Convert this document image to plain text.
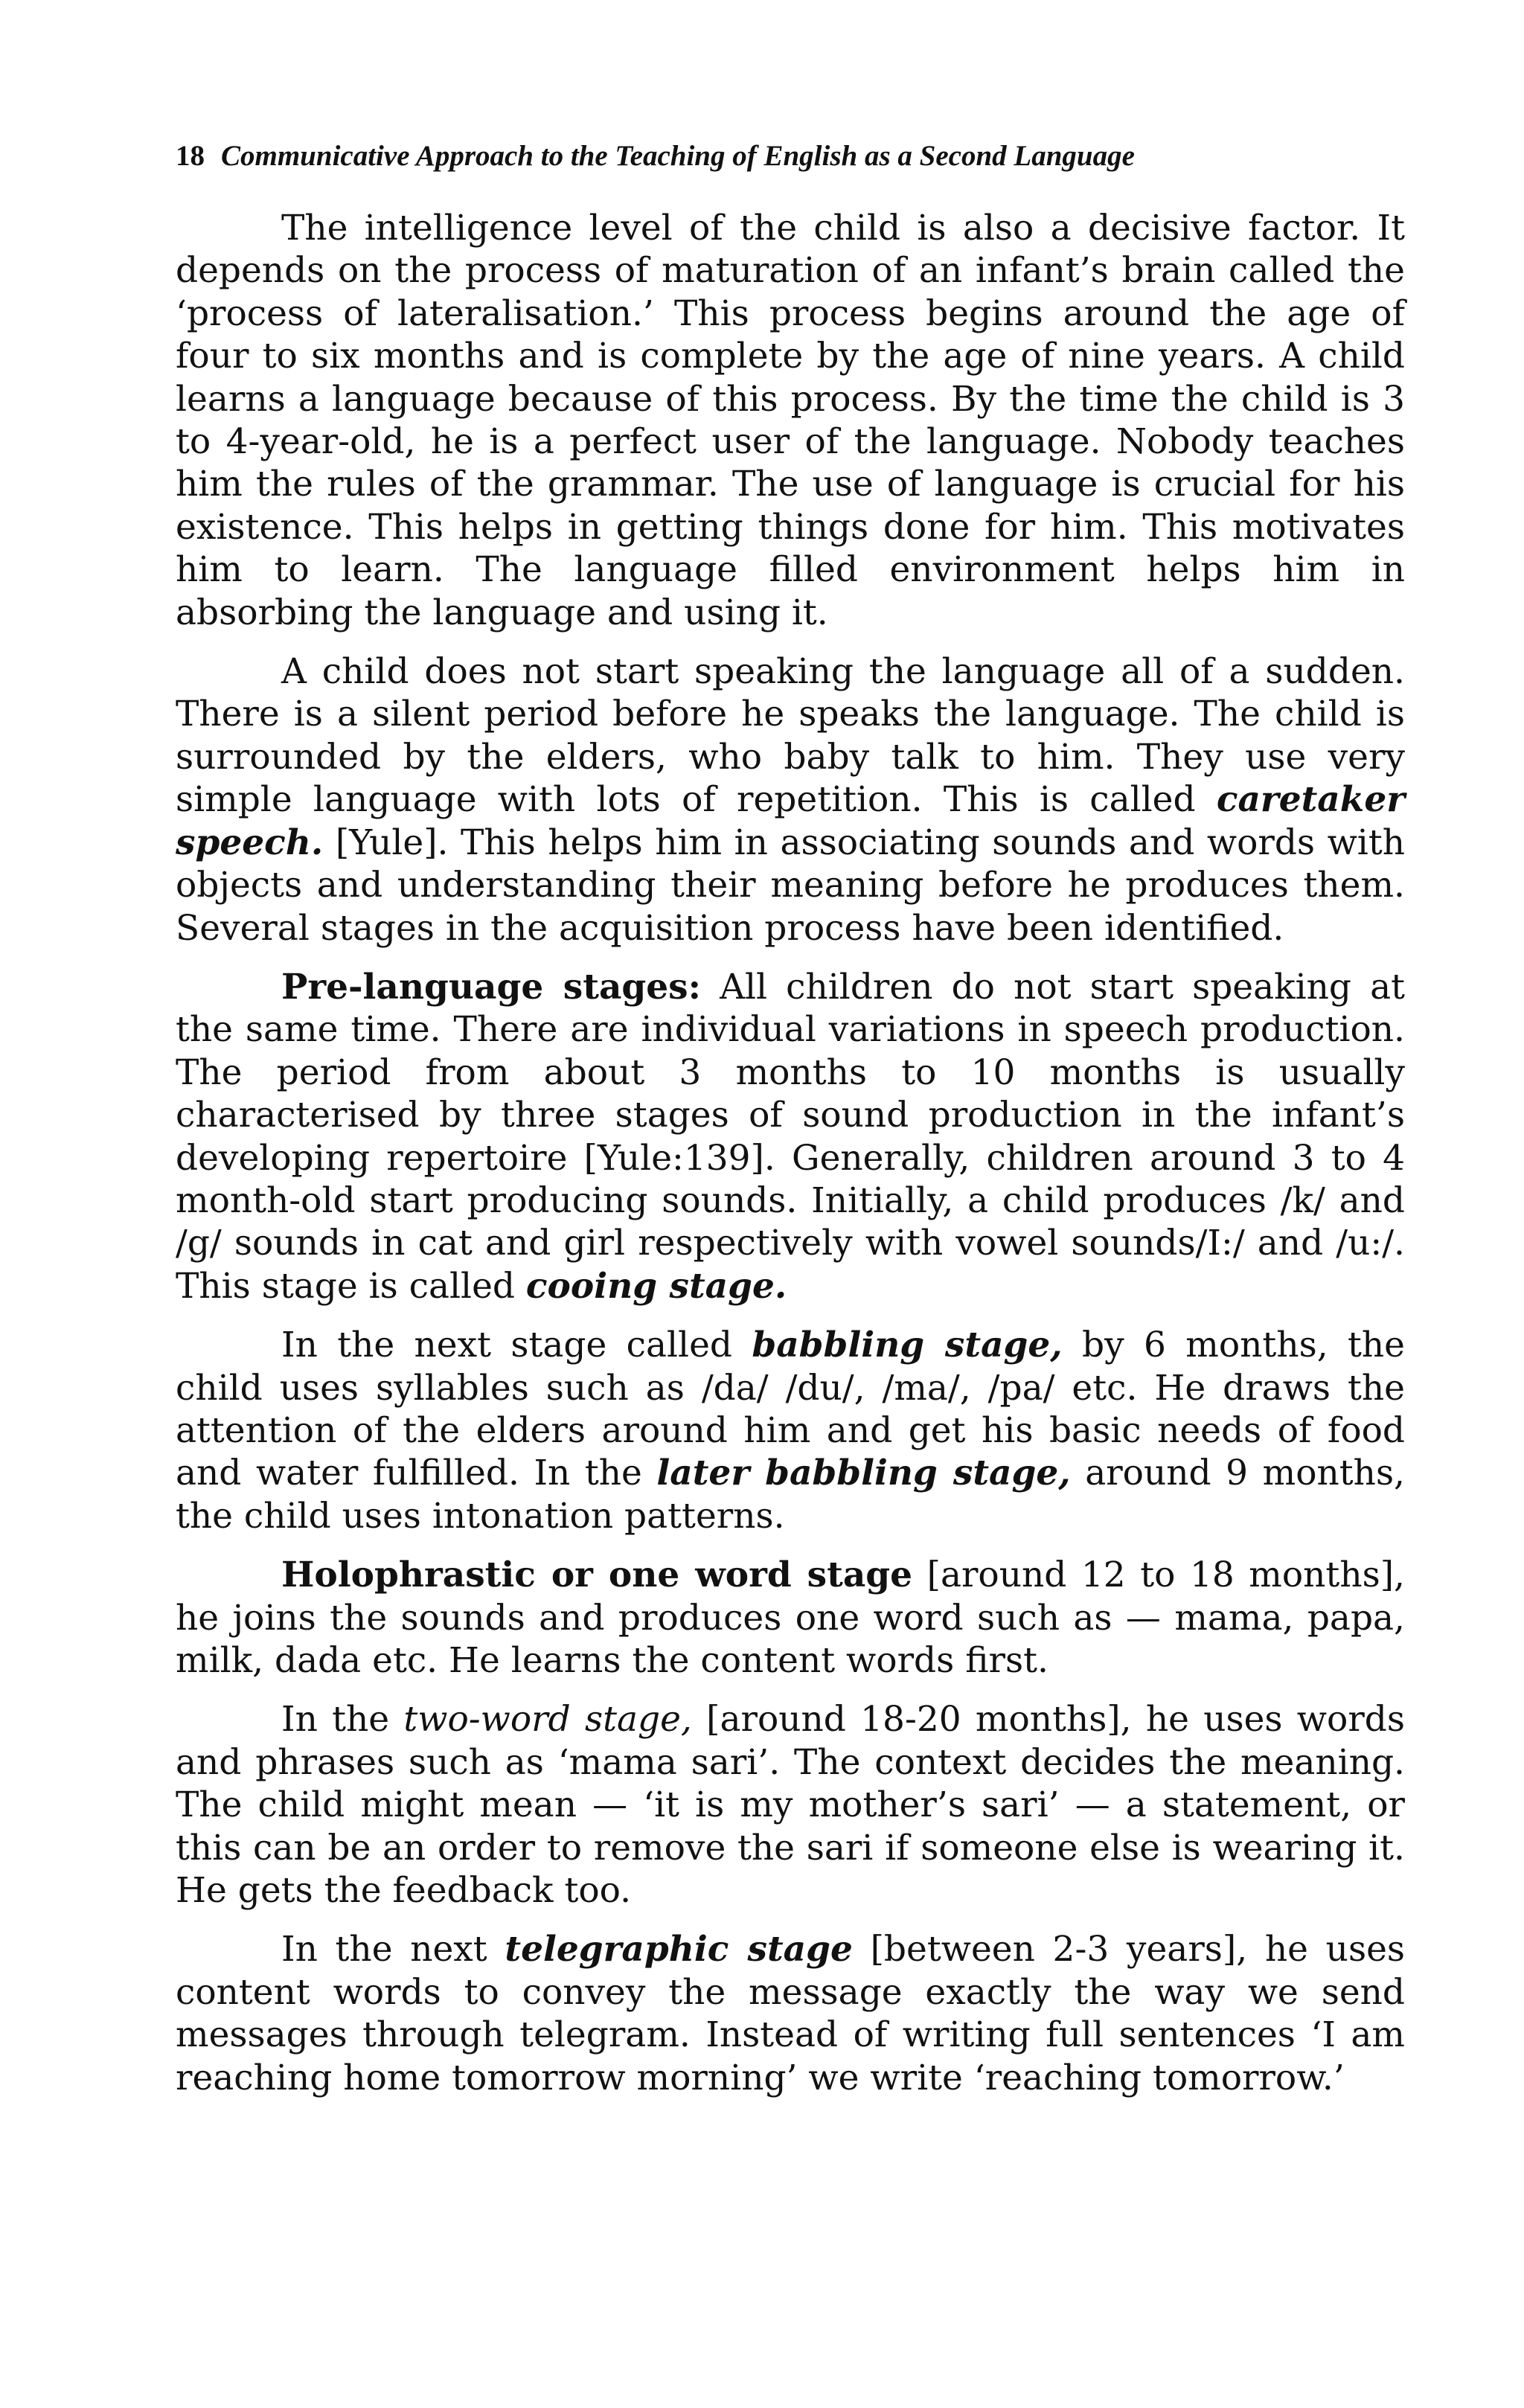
18 Communicative Approach to the Teaching of English as a Second Language

The intelligence level of the child is also a decisive factor. It depends on the process of maturation of an infant’s brain called the ‘process of lateralisation.’ This process begins around the age of four to six months and is complete by the age of nine years. A child learns a language because of this process. By the time the child is 3 to 4-year-old, he is a perfect user of the language. Nobody teaches him the rules of the grammar. The use of language is crucial for his existence. This helps in getting things done for him. This motivates him to learn. The language filled environment helps him in absorbing the language and using it.

A child does not start speaking the language all of a sudden. There is a silent period before he speaks the language. The child is surrounded by the elders, who baby talk to him. They use very simple language with lots of repetition. This is called caretaker speech. [Yule]. This helps him in associating sounds and words with objects and understanding their meaning before he produces them. Several stages in the acquisition process have been identified.

Pre-language stages: All children do not start speaking at the same time. There are individual variations in speech production. The period from about 3 months to 10 months is usually characterised by three stages of sound production in the infant’s developing repertoire [Yule:139]. Generally, children around 3 to 4 month-old start producing sounds. Initially, a child produces /k/ and /g/ sounds in cat and girl respectively with vowel sounds/I:/ and /u:/. This stage is called cooing stage.

In the next stage called babbling stage, by 6 months, the child uses syllables such as /da/ /du/, /ma/, /pa/ etc. He draws the attention of the elders around him and get his basic needs of food and water fulfilled. In the later babbling stage, around 9 months, the child uses intonation patterns.

Holophrastic or one word stage [around 12 to 18 months], he joins the sounds and produces one word such as — mama, papa, milk, dada etc. He learns the content words first.

In the two-word stage, [around 18-20 months], he uses words and phrases such as ‘mama sari’. The context decides the meaning. The child might mean — ‘it is my mother’s sari’ — a statement, or this can be an order to remove the sari if someone else is wearing it. He gets the feedback too.

In the next telegraphic stage [between 2-3 years], he uses content words to convey the message exactly the way we send messages through telegram. Instead of writing full sentences ‘I am reaching home tomorrow morning’ we write ‘reaching tomorrow.’
